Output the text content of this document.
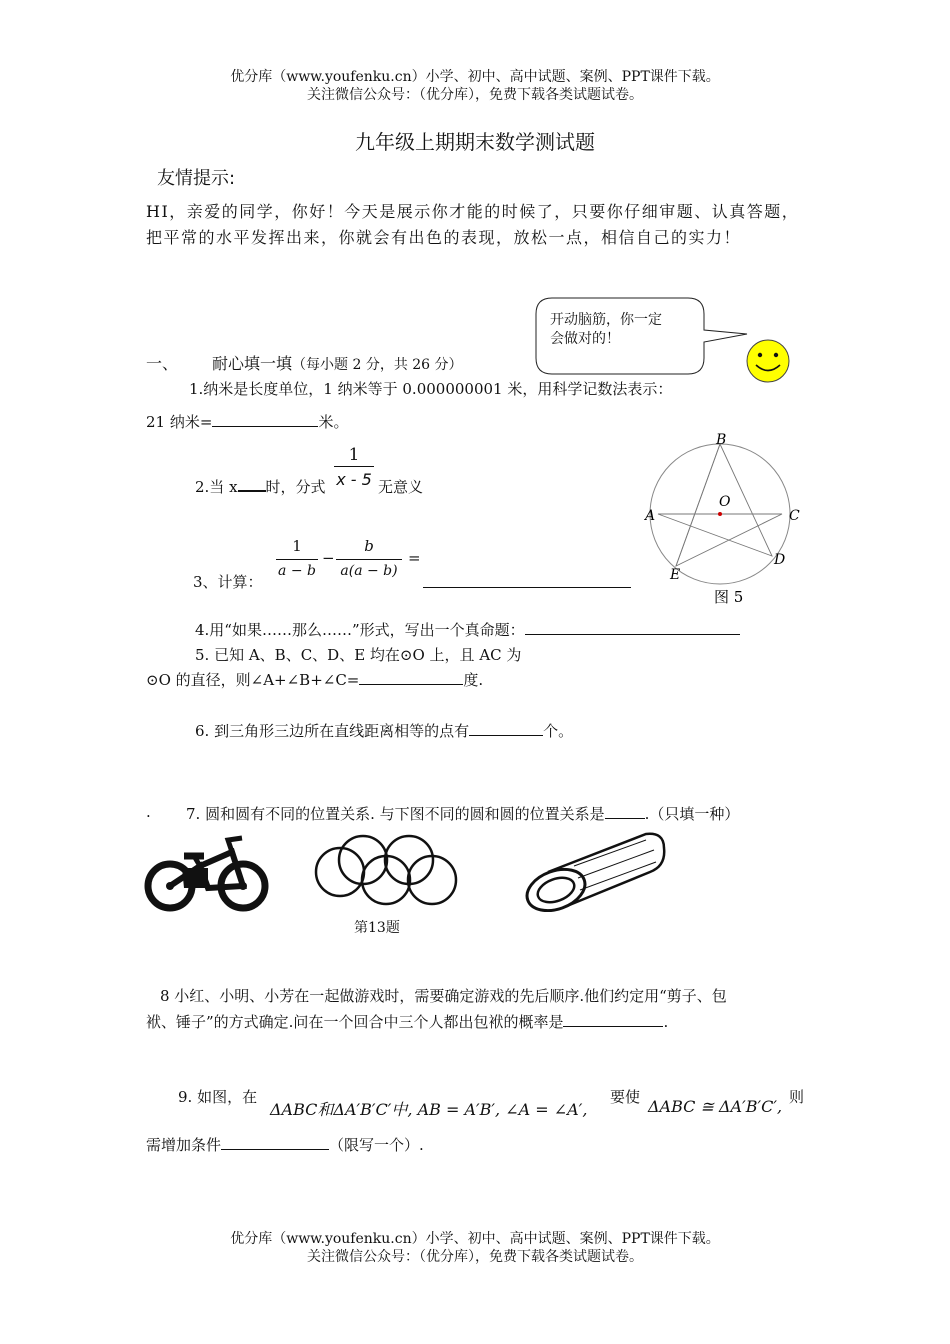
优分库（www.youfenku.cn）小学、初中、高中试题、案例、PPT课件下载。
关注微信公众号：（优分库），免费下载各类试题试卷。
九年级上期期末数学测试题
友情提示:
HI，亲爱的同学，你好！今天是展示你才能的时候了，只要你仔细审题、认真答题，把平常的水平发挥出来，你就会有出色的表现，放松一点，相信自己的实力！
开动脑筋，你一定
会做对的！
一、 耐心填一填（每小题 2 分，共 26 分）
1.纳米是长度单位，1 纳米等于 0.000000001 米，用科学记数法表示：
21 纳米=	米。
2.当 x 时，分式
1
x - 5 无意义
3、计算：
1
a − b
−
b
a(a − b)
=
4.用“如果……那么……”形式，写出一个真命题：
5. 已知 A、B、C、D、E 均在⊙O 上，且 AC 为
⊙O 的直径，则∠A+∠B+∠C=	度.
B
A	C
D
E
O
图 5
6. 到三角形三边所在直线距离相等的点有	个。
. 7. 圆和圆有不同的位置关系. 与下图不同的圆和圆的位置关系是	.（只填一种）
第13题
8 小红、小明、小芳在一起做游戏时，需要确定游戏的先后顺序.他们约定用“剪子、包
袱、锤子”的方式确定.问在一个回合中三个人都出包袱的概率是	.
9. 如图，在
ΔABC和ΔA′B′C′中, AB = A′B′, ∠A = ∠A′,
要使 ΔABC ≅ ΔA′B′C′, 则
需增加条件	（限写一个）.
优分库（www.youfenku.cn）小学、初中、高中试题、案例、PPT课件下载。
关注微信公众号：（优分库），免费下载各类试题试卷。
